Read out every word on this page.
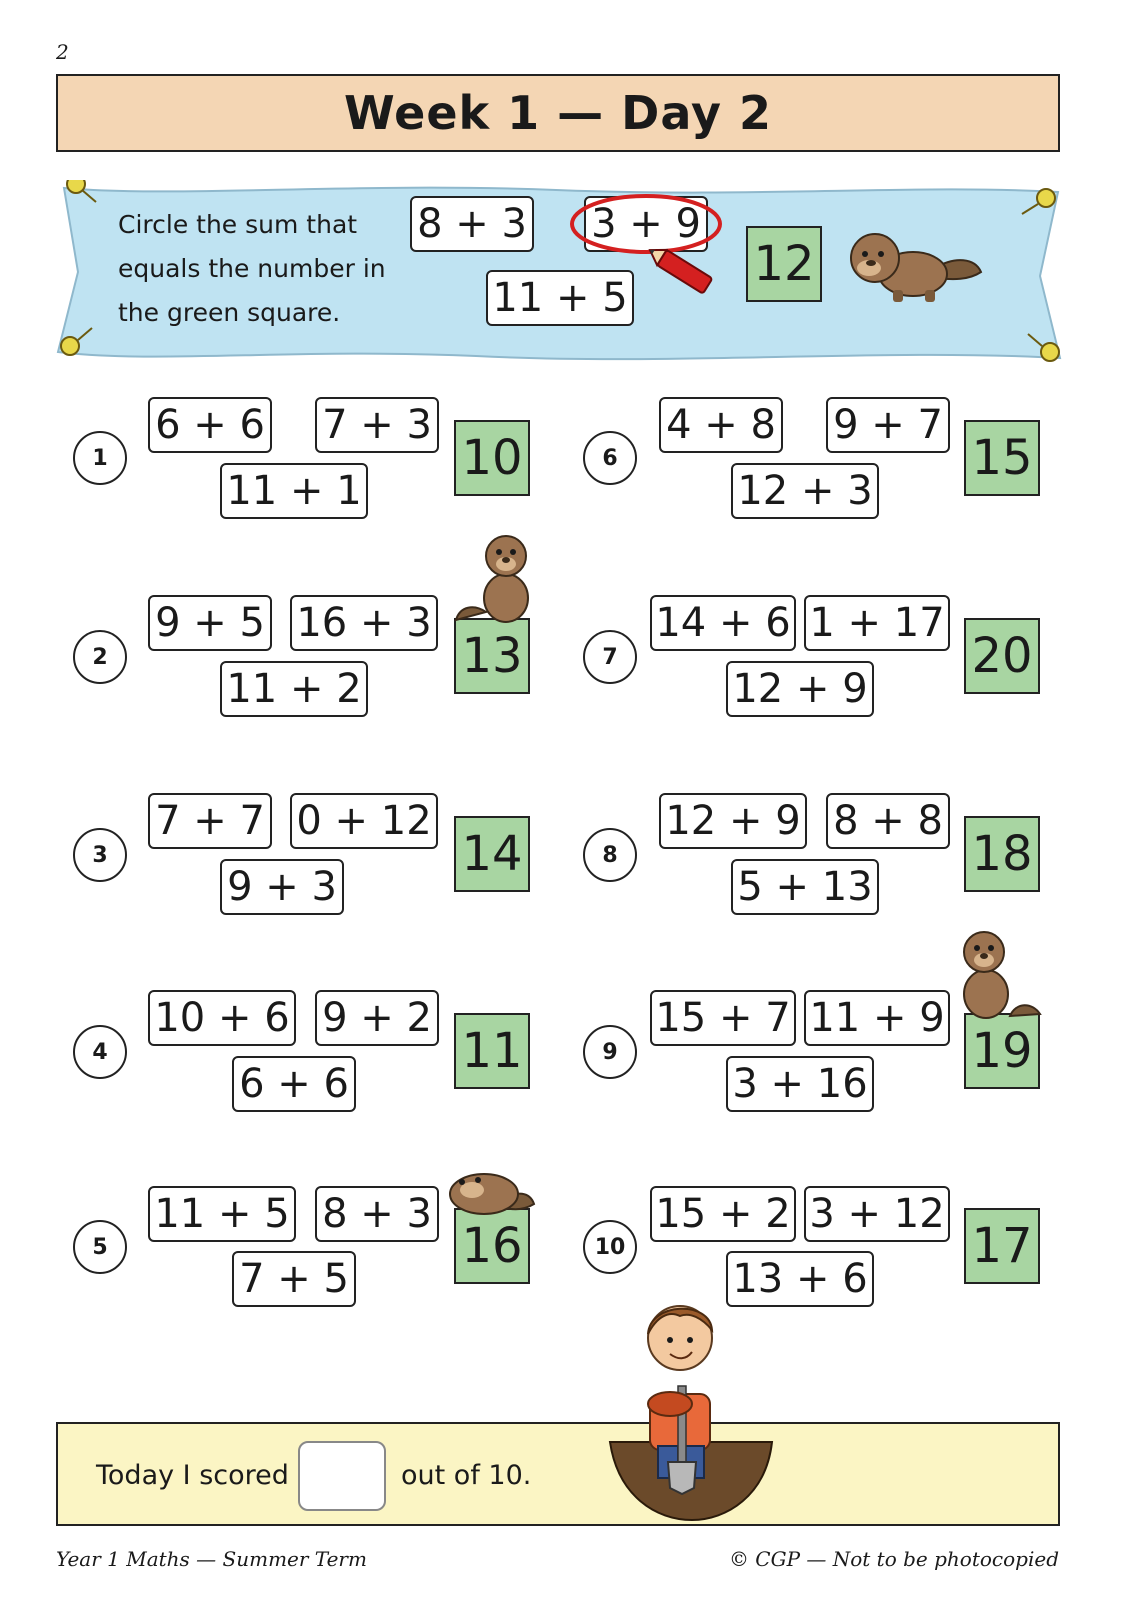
2
Week 1 — Day 2
Circle the sum that equals the number in the green square.
8 + 3 3 + 9
11 + 5
12
1
6 + 6 7 + 3
11 + 1
10
2
9 + 5 16 + 3
11 + 2
13
3
7 + 7 0 + 12
9 + 3
14
4
10 + 6 9 + 2
6 + 6
11
5
11 + 5 8 + 3
7 + 5
16
6
4 + 8 9 + 7
12 + 3
15
7
14 + 6 1 + 17
12 + 9
20
8
12 + 9 8 + 8
5 + 13
18
9
15 + 7 11 + 9
3 + 16
19
10
15 + 2 3 + 12
13 + 6
17
Today I scored	out of 10.
Year 1 Maths — Summer Term	© CGP — Not to be photocopied
